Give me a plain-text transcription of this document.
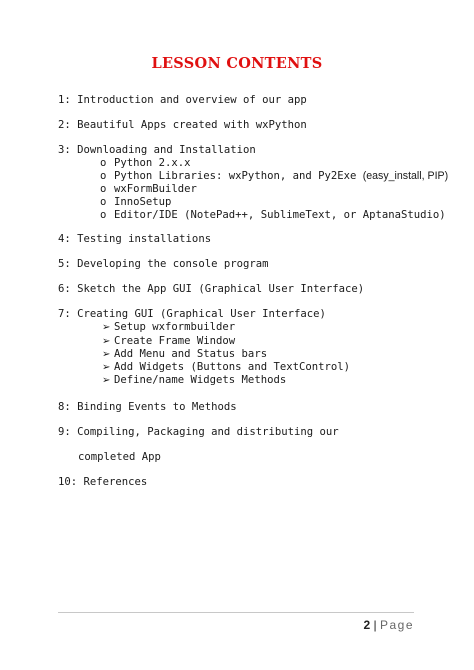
LESSON CONTENTS
1: Introduction and overview of our app
2: Beautiful Apps created with wxPython
3: Downloading and Installation
o Python 2.x.x
o Python Libraries: wxPython, and Py2Exe (easy_install, PIP)
o wxFormBuilder
o InnoSetup
o Editor/IDE (NotePad++, SublimeText, or AptanaStudio)
4: Testing installations
5: Developing the console program
6: Sketch the App GUI (Graphical User Interface)
7: Creating GUI (Graphical User Interface)
➢ Setup wxformbuilder
➢ Create Frame Window
➢ Add Menu and Status bars
➢ Add Widgets (Buttons and TextControl)
➢ Define/name Widgets Methods
8: Binding Events to Methods
9: Compiling, Packaging and distributing our
completed App
10: References
2 | Page
